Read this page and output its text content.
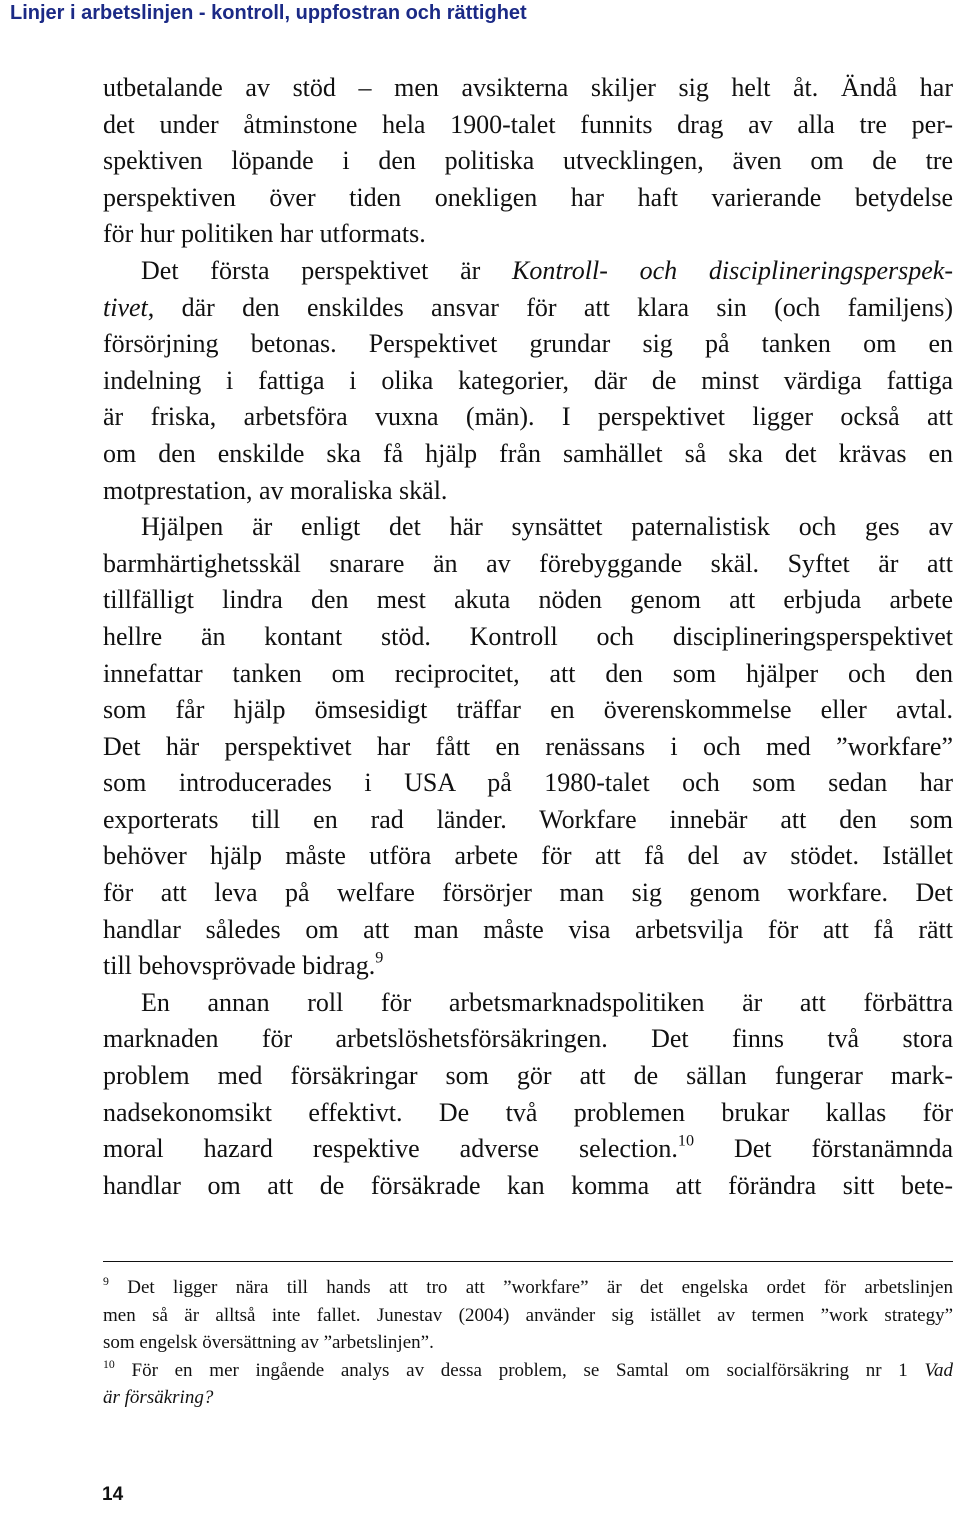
Linjer i arbetslinjen - kontroll, uppfostran och rättighet
utbetalande av stöd – men avsikterna skiljer sig helt åt. Ändå har
det under åtminstone hela 1900-talet funnits drag av alla tre per-
spektiven löpande i den politiska utvecklingen, även om de tre
perspektiven över tiden onekligen har haft varierande betydelse
för hur politiken har utformats.
Det första perspektivet är Kontroll- och disciplineringsperspek-
tivet, där den enskildes ansvar för att klara sin (och familjens)
försörjning betonas. Perspektivet grundar sig på tanken om en
indelning i fattiga i olika kategorier, där de minst värdiga fattiga
är friska, arbetsföra vuxna (män). I perspektivet ligger också att
om den enskilde ska få hjälp från samhället så ska det krävas en
motprestation, av moraliska skäl.
Hjälpen är enligt det här synsättet paternalistisk och ges av
barmhärtighetsskäl snarare än av förebyggande skäl. Syftet är att
tillfälligt lindra den mest akuta nöden genom att erbjuda arbete
hellre än kontant stöd. Kontroll och disciplineringsperspektivet
innefattar tanken om reciprocitet, att den som hjälper och den
som får hjälp ömsesidigt träffar en överenskommelse eller avtal.
Det här perspektivet har fått en renässans i och med ”workfare”
som introducerades i USA på 1980-talet och som sedan har
exporterats till en rad länder. Workfare innebär att den som
behöver hjälp måste utföra arbete för att få del av stödet. Istället
för att leva på welfare försörjer man sig genom workfare. Det
handlar således om att man måste visa arbetsvilja för att få rätt
till behovsprövade bidrag.$^9$
En annan roll för arbetsmarknadspolitiken är att förbättra
marknaden för arbetslöshetsförsäkringen. Det finns två stora
problem med försäkringar som gör att de sällan fungerar mark-
nadsekonomsikt effektivt. De två problemen brukar kallas för
moral hazard respektive adverse selection.$^{10}$ Det förstanämnda
handlar om att de försäkrade kan komma att förändra sitt bete-
$^9$ Det ligger nära till hands att tro att ”workfare” är det engelska ordet för arbetslinjen
men så är alltså inte fallet. Junestav (2004) använder sig istället av termen ”work strategy”
som engelsk översättning av ”arbetslinjen”.
$^{10}$ För en mer ingående analys av dessa problem, se Samtal om socialförsäkring nr 1 Vad
är försäkring?
14
